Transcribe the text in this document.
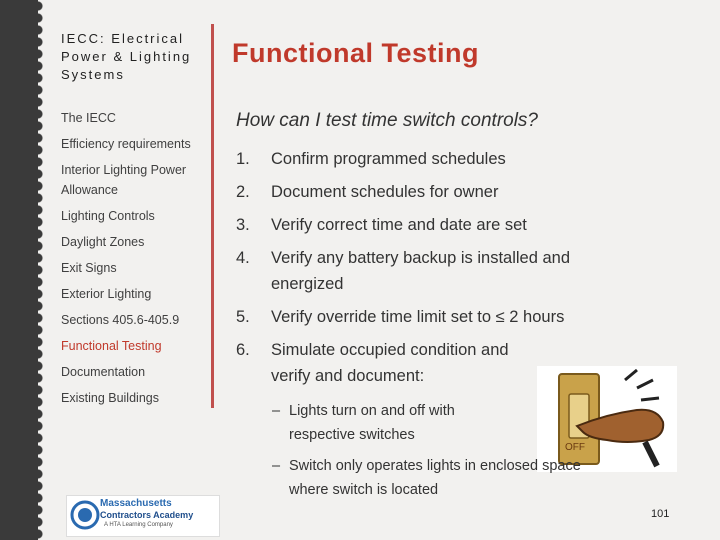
IECC: Electrical Power & Lighting Systems
The IECC
Efficiency requirements
Interior Lighting Power Allowance
Lighting Controls
Daylight Zones
Exit Signs
Exterior Lighting
Sections 405.6-405.9
Functional Testing
Documentation
Existing Buildings
Functional Testing
How can I test time switch controls?
1.	Confirm programmed schedules
2.	Document schedules for owner
3.	Verify correct time and date are set
4.	Verify any battery backup is installed and energized
5.	Verify override time limit set to ≤ 2 hours
6.	Simulate occupied condition and verify and document:
OFF
– Lights turn on and off with respective switches
– Switch only operates lights in enclosed space where switch is located
Massachusetts
Contractors Academy
A HTA Learning Company
101
